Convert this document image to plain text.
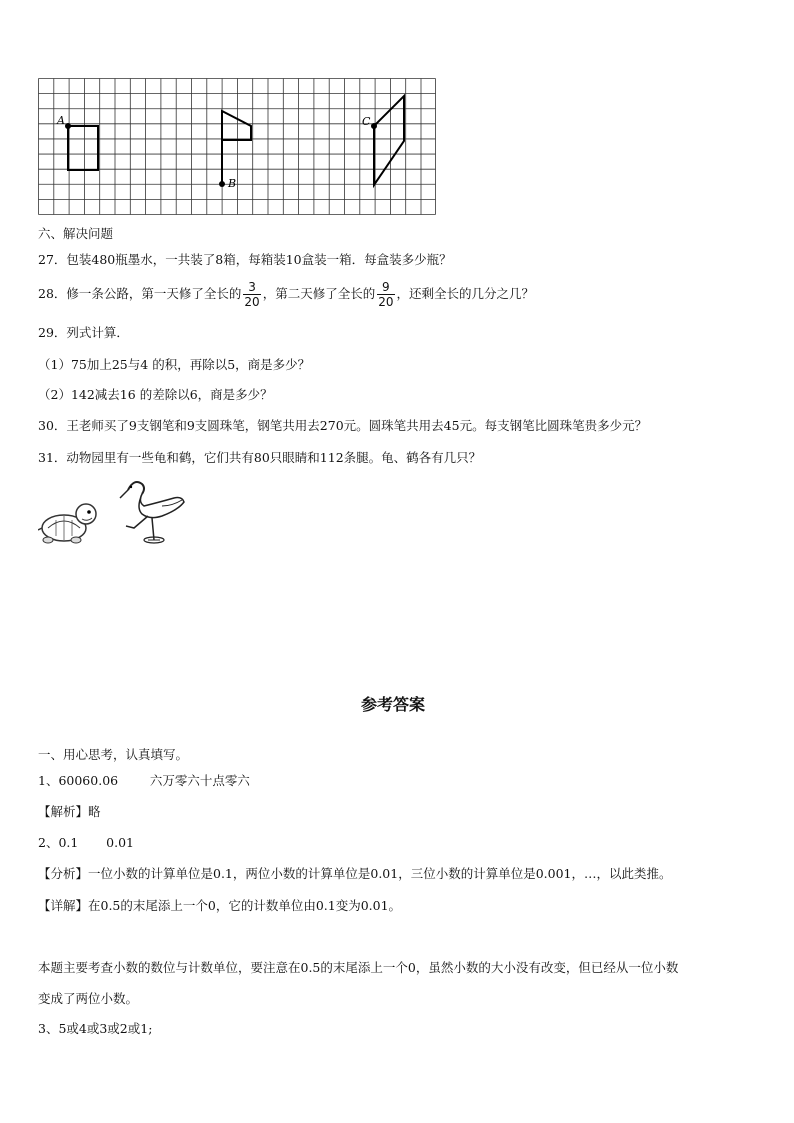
A
B
C
六、解决问题
27．包装480瓶墨水，一共装了8箱，每箱装10盒装一箱．每盒装多少瓶？
28．修一条公路，第一天修了全长的 $\frac{3}{20}$ ，第二天修了全长的 $\frac{9}{20}$ ，还剩全长的几分之几？
29．列式计算．
（1）75加上25与4 的积，再除以5，商是多少？
（2）142减去16 的差除以6，商是多少？
30．王老师买了9支钢笔和9支圆珠笔，钢笔共用去270元。圆珠笔共用去45元。每支钢笔比圆珠笔贵多少元？
31．动物园里有一些龟和鹤，它们共有80只眼睛和112条腿。龟、鹤各有几只？
参考答案
一、用心思考，认真填写。
1、60060.06        六万零六十点零六
【解析】略
2、0.1       0.01
【分析】一位小数的计算单位是0.1，两位小数的计算单位是0.01，三位小数的计算单位是0.001，…，以此类推。
【详解】在0.5的末尾添上一个0，它的计数单位由0.1变为0.01。
本题主要考查小数的数位与计数单位，要注意在0.5的末尾添上一个0，虽然小数的大小没有改变，但已经从一位小数
变成了两位小数。
3、5或4或3或2或1;
